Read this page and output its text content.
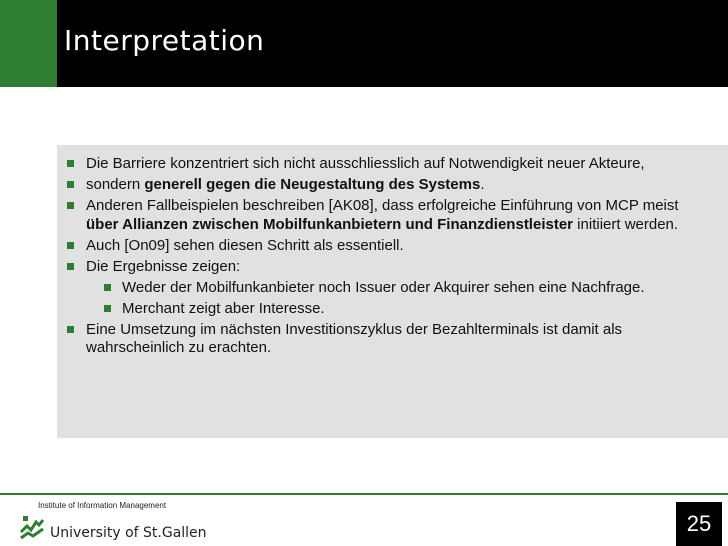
Interpretation
Die Barriere konzentriert sich nicht ausschliesslich auf Notwendigkeit neuer Akteure,
sondern generell gegen die Neugestaltung des Systems.
Anderen Fallbeispielen beschreiben [AK08], dass erfolgreiche Einführung von MCP meist über Allianzen zwischen Mobilfunkanbietern und Finanzdienstleister initiiert werden.
Auch [On09] sehen diesen Schritt als essentiell.
Die Ergebnisse zeigen:
Weder der Mobilfunkanbieter noch Issuer oder Akquirer sehen eine Nachfrage.
Merchant zeigt aber Interesse.
Eine Umsetzung im nächsten Investitionszyklus der Bezahlterminals ist damit als wahrscheinlich zu erachten.
Institute of Information Management
University of St.Gallen	25
